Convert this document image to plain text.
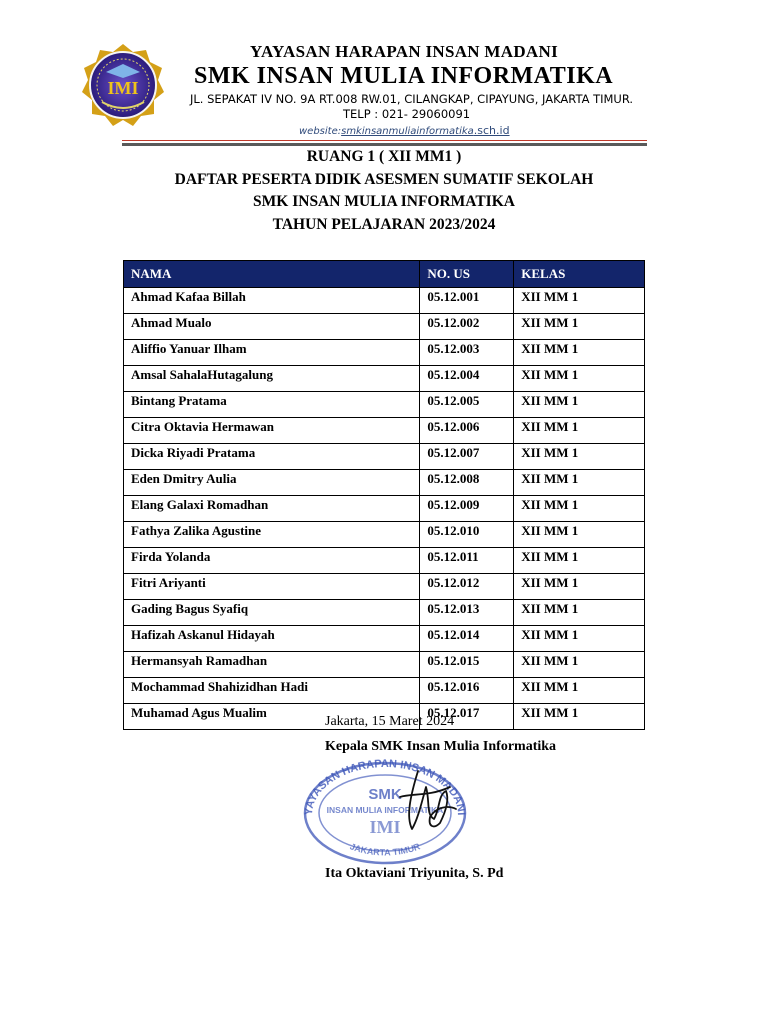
IMI
YAYASAN HARAPAN INSAN MADANI
SMK INSAN MULIA INFORMATIKA
JL. SEPAKAT IV NO. 9A RT.008 RW.01, CILANGKAP, CIPAYUNG, JAKARTA TIMUR.
TELP : 021- 29060091
website:smkinsanmuliainformatika.sch.id
RUANG 1 ( XII MM1 )
DAFTAR PESERTA DIDIK ASESMEN SUMATIF SEKOLAH
SMK INSAN MULIA INFORMATIKA
TAHUN PELAJARAN 2023/2024
NAMA	NO. US	KELAS
Ahmad Kafaa Billah	05.12.001	XII MM 1
Ahmad Mualo	05.12.002	XII MM 1
Aliffio Yanuar Ilham	05.12.003	XII MM 1
Amsal SahalaHutagalung	05.12.004	XII MM 1
Bintang Pratama	05.12.005	XII MM 1
Citra Oktavia Hermawan	05.12.006	XII MM 1
Dicka Riyadi Pratama	05.12.007	XII MM 1
Eden Dmitry Aulia	05.12.008	XII MM 1
Elang Galaxi Romadhan	05.12.009	XII MM 1
Fathya Zalika Agustine	05.12.010	XII MM 1
Firda Yolanda	05.12.011	XII MM 1
Fitri Ariyanti	05.12.012	XII MM 1
Gading Bagus Syafiq	05.12.013	XII MM 1
Hafizah Askanul Hidayah	05.12.014	XII MM 1
Hermansyah Ramadhan	05.12.015	XII MM 1
Mochammad Shahizidhan Hadi	05.12.016	XII MM 1
Muhamad Agus Mualim	05.12.017	XII MM 1
Jakarta, 15 Maret 2024
Kepala SMK Insan Mulia Informatika
YAYASAN HARAPAN INSAN MADANI
SMK
INSAN MULIA INFORMATIKA
IMI
JAKARTA TIMUR
Ita Oktaviani Triyunita, S. Pd
